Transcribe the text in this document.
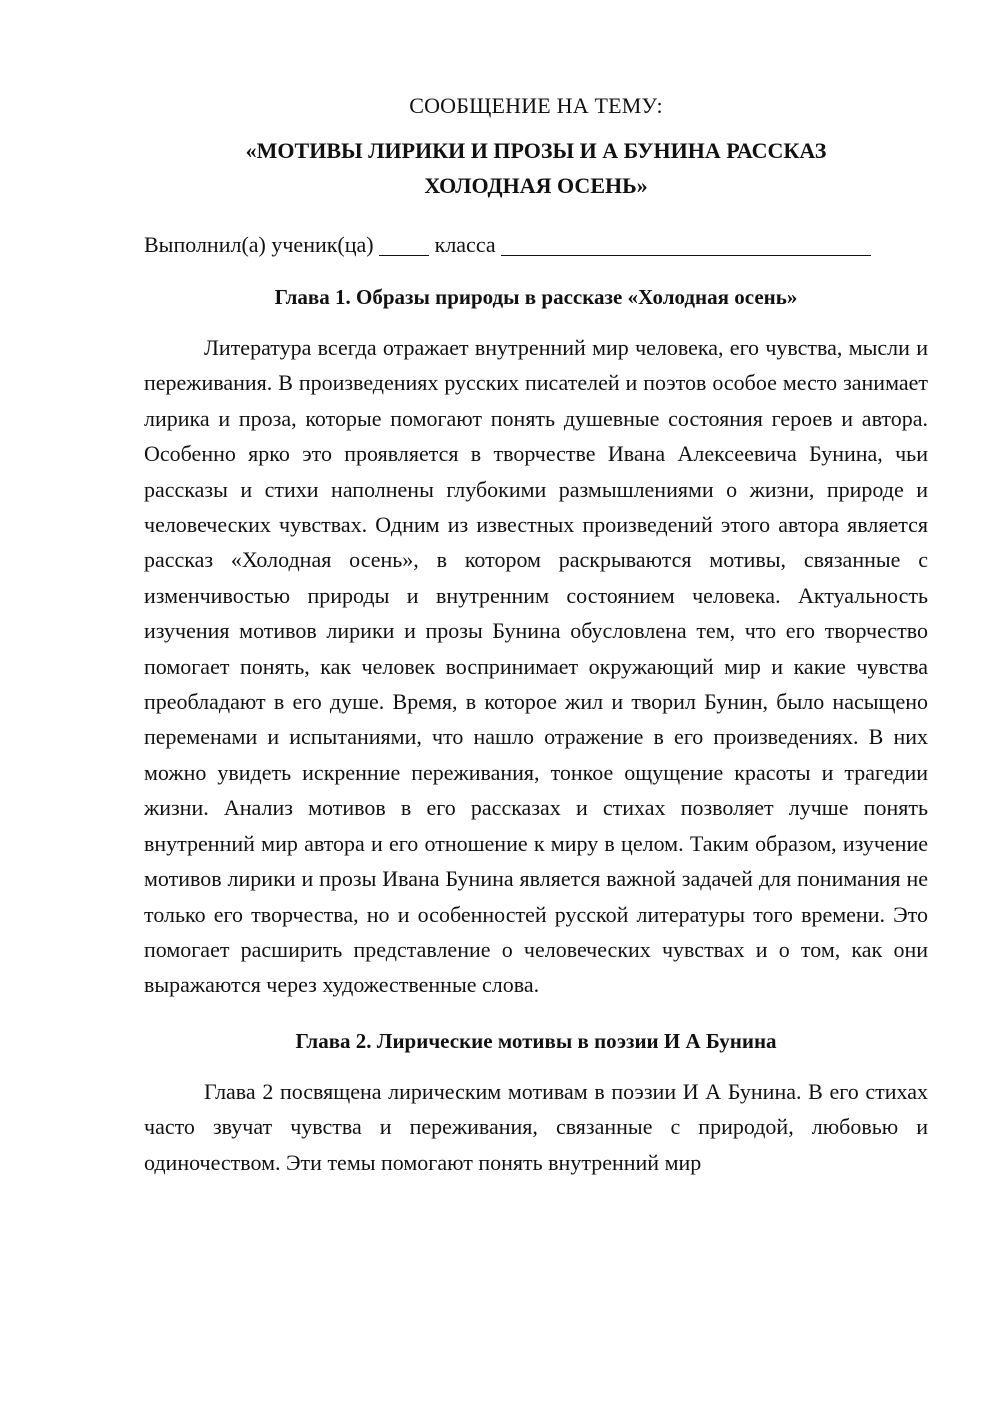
СООБЩЕНИЕ НА ТЕМУ:

«МОТИВЫ ЛИРИКИ И ПРОЗЫ И А БУНИНА РАССКАЗ
ХОЛОДНАЯ ОСЕНЬ»

Выполнил(а) ученик(ца)	класса

Глава 1. Образы природы в рассказе «Холодная осень»

Литература всегда отражает внутренний мир человека, его чувства, мысли и переживания. В произведениях русских писателей и поэтов особое место занимает лирика и проза, которые помогают понять душевные состояния героев и автора. Особенно ярко это проявляется в творчестве Ивана Алексеевича Бунина, чьи рассказы и стихи наполнены глубокими размышлениями о жизни, природе и человеческих чувствах. Одним из известных произведений этого автора является рассказ «Холодная осень», в котором раскрываются мотивы, связанные с изменчивостью природы и внутренним состоянием человека. Актуальность изучения мотивов лирики и прозы Бунина обусловлена тем, что его творчество помогает понять, как человек воспринимает окружающий мир и какие чувства преобладают в его душе. Время, в которое жил и творил Бунин, было насыщено переменами и испытаниями, что нашло отражение в его произведениях. В них можно увидеть искренние переживания, тонкое ощущение красоты и трагедии жизни. Анализ мотивов в его рассказах и стихах позволяет лучше понять внутренний мир автора и его отношение к миру в целом. Таким образом, изучение мотивов лирики и прозы Ивана Бунина является важной задачей для понимания не только его творчества, но и особенностей русской литературы того времени. Это помогает расширить представление о человеческих чувствах и о том, как они выражаются через художественные слова.

Глава 2. Лирические мотивы в поэзии И А Бунина

Глава 2 посвящена лирическим мотивам в поэзии И А Бунина. В его стихах часто звучат чувства и переживания, связанные с природой, любовью и одиночеством. Эти темы помогают понять внутренний мир
